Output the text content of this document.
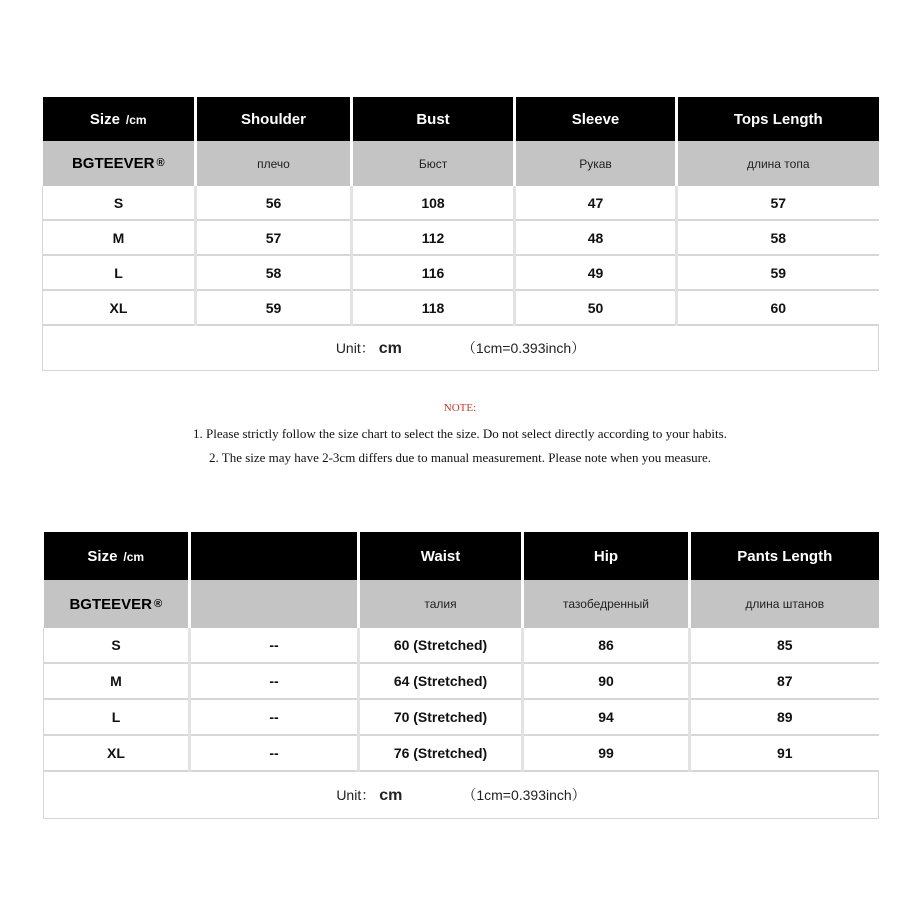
Size /cm	Shoulder	Bust	Sleeve	Tops Length
BGTEEVER ®	плечо	Бюст	Рукав	длина топа
S	56	108	47	57
M	57	112	48	58
L	58	116	49	59
XL	59	118	50	60
Unit： cm （1cm=0.393inch）				
NOTE:
1. Please strictly follow the size chart to select the size. Do not select directly according to your habits.
2. The size may have 2-3cm differs due to manual measurement. Please note when you measure.
Size /cm		Waist	Hip	Pants Length
BGTEEVER ®		талия	тазобедренный	длина штанов
S	--	60 (Stretched)	86	85
M	--	64 (Stretched)	90	87
L	--	70 (Stretched)	94	89
XL	--	76 (Stretched)	99	91
Unit： cm （1cm=0.393inch）				
